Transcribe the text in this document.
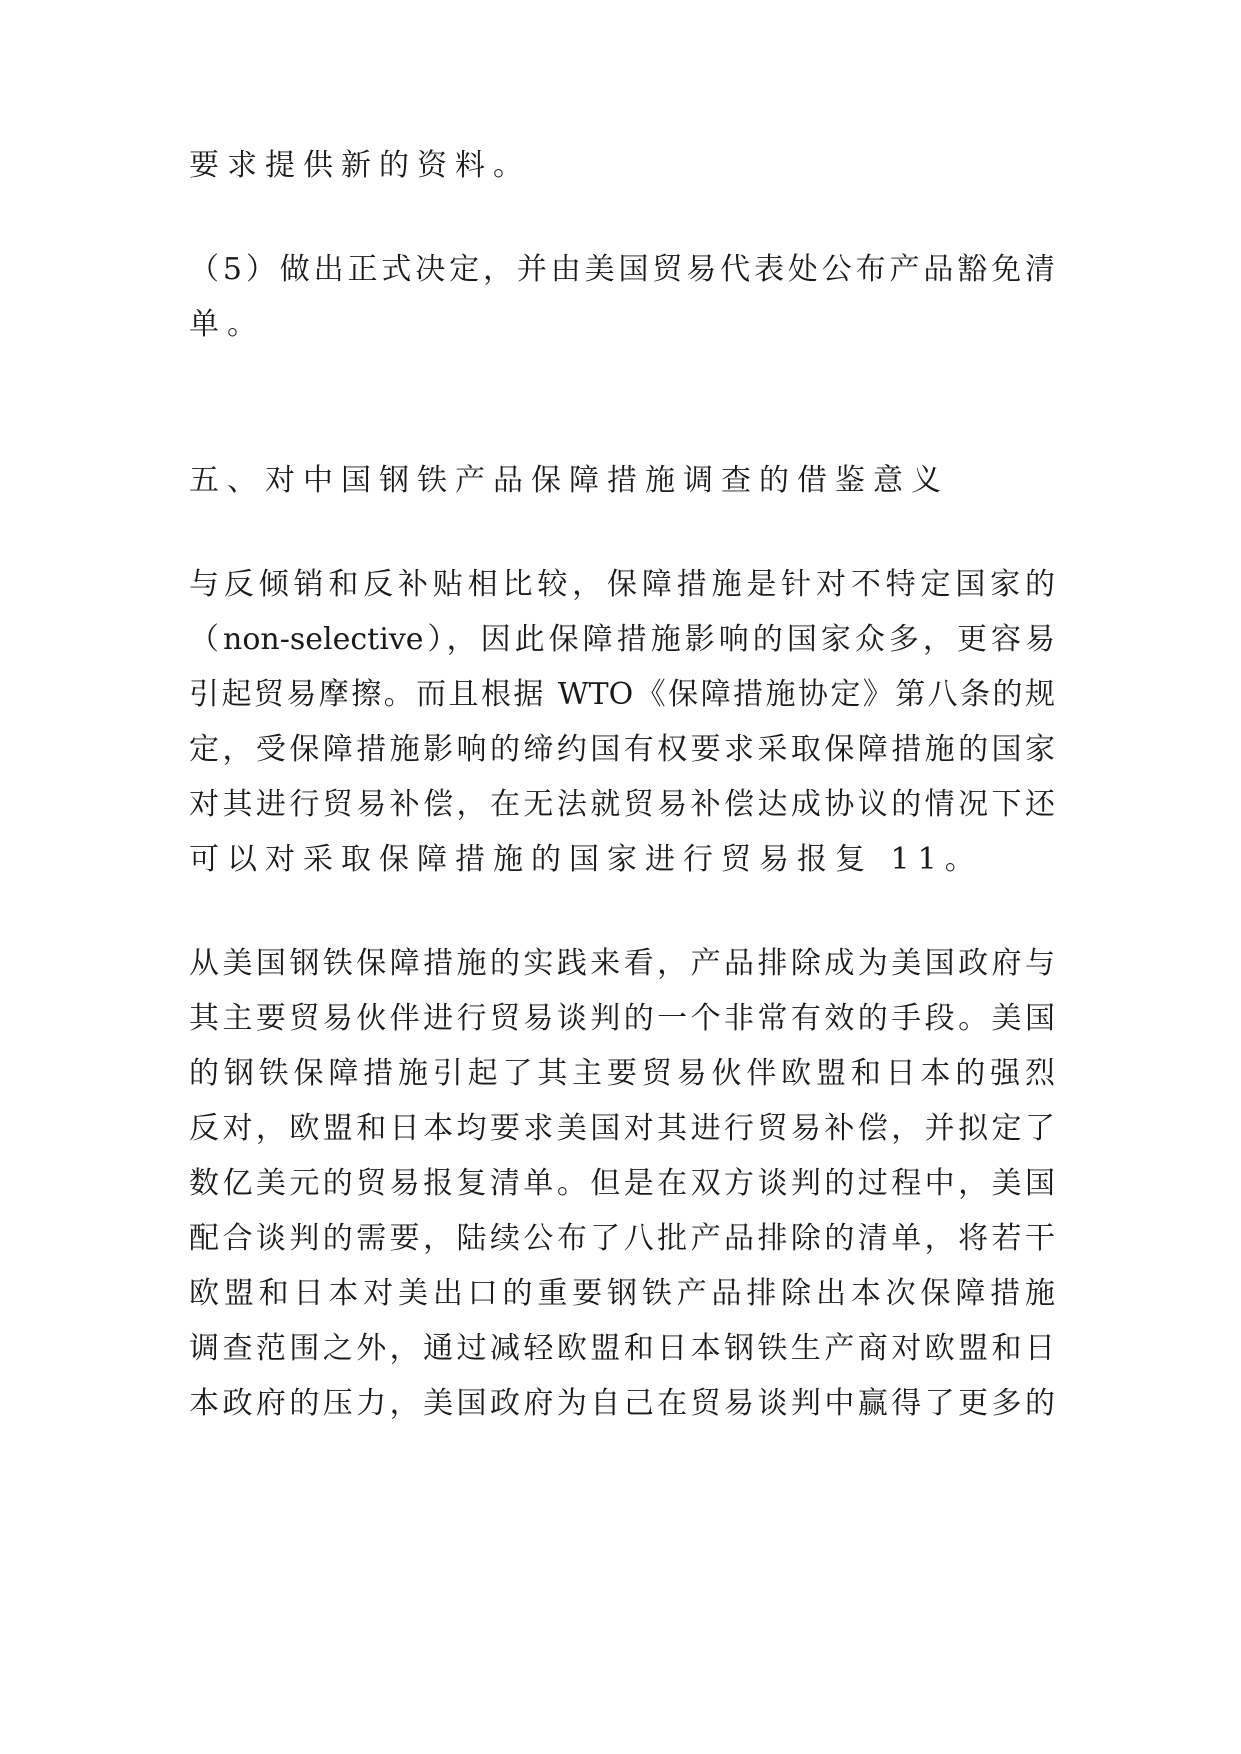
要求提供新的资料。
（5）做出正式决定，并由美国贸易代表处公布产品豁免清
单。
五、对中国钢铁产品保障措施调查的借鉴意义
与反倾销和反补贴相比较，保障措施是针对不特定国家的
（non-selective），因此保障措施影响的国家众多，更容易
引起贸易摩擦。而且根据 WTO《保障措施协定》第八条的规
定，受保障措施影响的缔约国有权要求采取保障措施的国家
对其进行贸易补偿，在无法就贸易补偿达成协议的情况下还
可以对采取保障措施的国家进行贸易报复 11。
从美国钢铁保障措施的实践来看，产品排除成为美国政府与
其主要贸易伙伴进行贸易谈判的一个非常有效的手段。美国
的钢铁保障措施引起了其主要贸易伙伴欧盟和日本的强烈
反对，欧盟和日本均要求美国对其进行贸易补偿，并拟定了
数亿美元的贸易报复清单。但是在双方谈判的过程中，美国
配合谈判的需要，陆续公布了八批产品排除的清单，将若干
欧盟和日本对美出口的重要钢铁产品排除出本次保障措施
调查范围之外，通过减轻欧盟和日本钢铁生产商对欧盟和日
本政府的压力，美国政府为自己在贸易谈判中赢得了更多的
